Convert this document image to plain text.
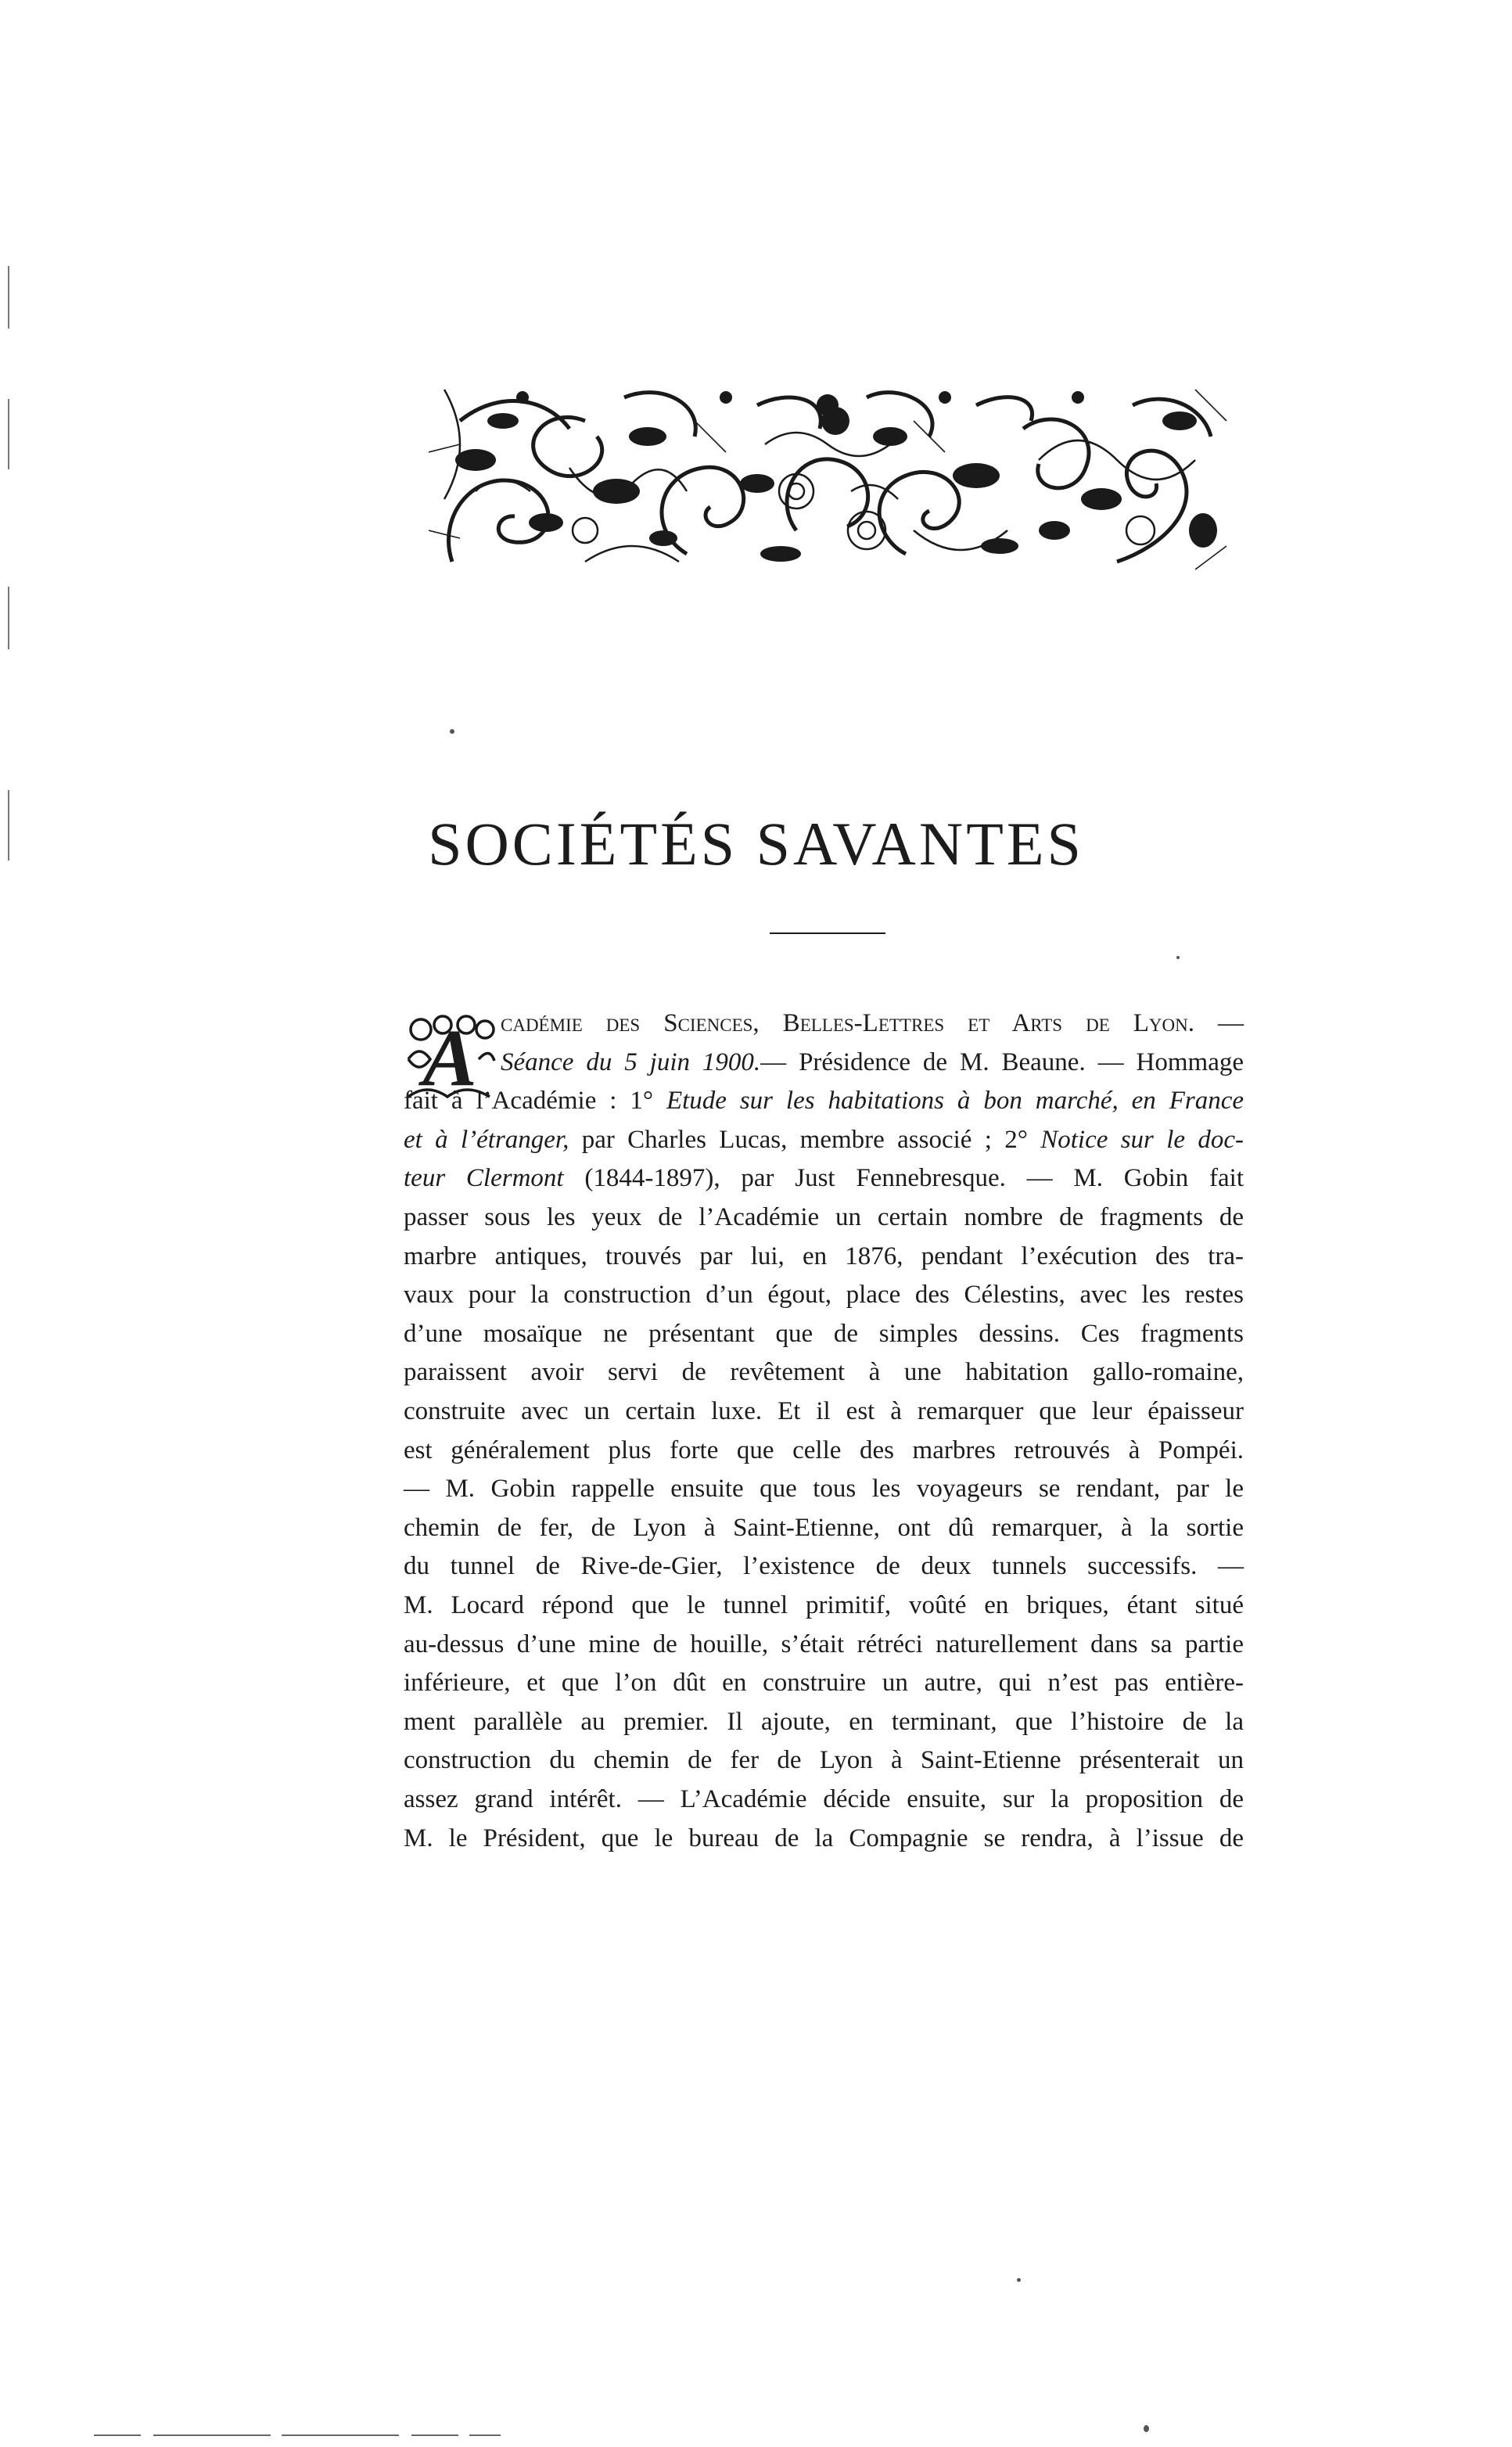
SOCIÉTÉS SAVANTES
A cadémie des Sciences, Belles-Lettres et Arts de Lyon. —
Séance du 5 juin 1900.— Présidence de M. Beaune. — Hommage
fait à l’Académie : 1° Etude sur les habitations à bon marché, en France
et à l’étranger, par Charles Lucas, membre associé ; 2° Notice sur le doc-
teur Clermont (1844-1897), par Just Fennebresque. — M. Gobin fait
passer sous les yeux de l’Académie un certain nombre de fragments de
marbre antiques, trouvés par lui, en 1876, pendant l’exécution des tra-
vaux pour la construction d’un égout, place des Célestins, avec les restes
d’une mosaïque ne présentant que de simples dessins. Ces fragments
paraissent avoir servi de revêtement à une habitation gallo-romaine,
construite avec un certain luxe. Et il est à remarquer que leur épaisseur
est généralement plus forte que celle des marbres retrouvés à Pompéi.
— M. Gobin rappelle ensuite que tous les voyageurs se rendant, par le
chemin de fer, de Lyon à Saint-Etienne, ont dû remarquer, à la sortie
du tunnel de Rive-de-Gier, l’existence de deux tunnels successifs. —
M. Locard répond que le tunnel primitif, voûté en briques, étant situé
au-dessus d’une mine de houille, s’était rétréci naturellement dans sa partie
inférieure, et que l’on dût en construire un autre, qui n’est pas entière-
ment parallèle au premier. Il ajoute, en terminant, que l’histoire de la
construction du chemin de fer de Lyon à Saint-Etienne présenterait un
assez grand intérêt. — L’Académie décide ensuite, sur la proposition de
M. le Président, que le bureau de la Compagnie se rendra, à l’issue de
